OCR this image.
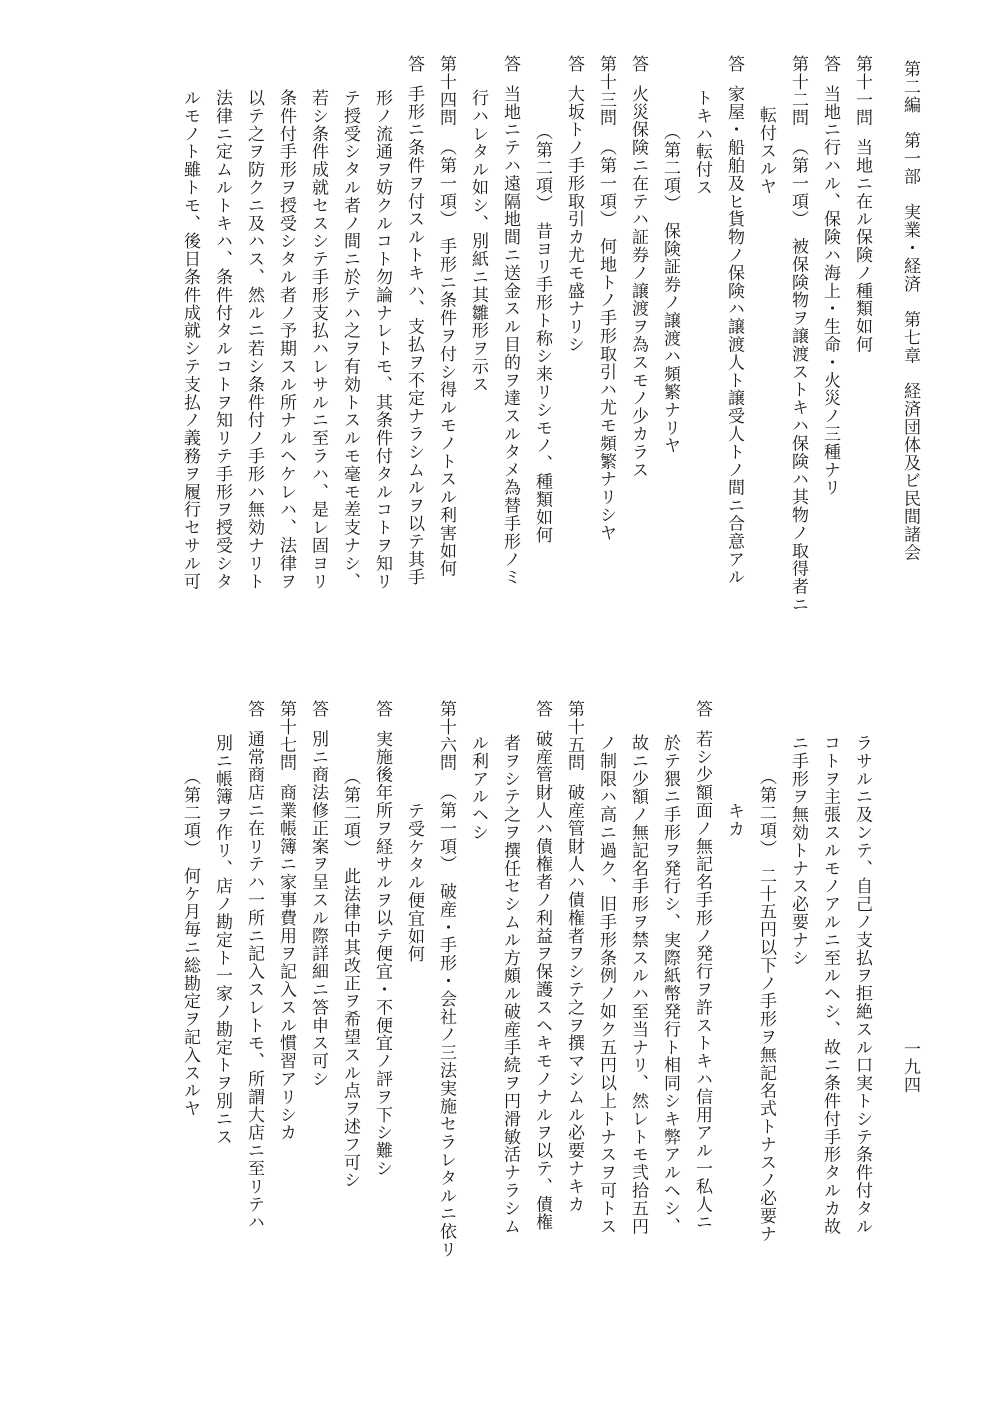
第二編　第一部　実業・経済　第七章　経済団体及ビ民間諸会
一九四
第十一問当地ニ在ル保険ノ種類如何
答当地ニ行ハル、保険ハ海上・生命・火災ノ三種ナリ
第十二問（第一項）　被保険物ヲ譲渡ストキハ保険ハ其物ノ取得者ニ
転付スルヤ
答家屋・船舶及ヒ貨物ノ保険ハ譲渡人ト譲受人トノ間ニ合意アル
トキハ転付ス
（第二項）　保険証券ノ譲渡ハ頻繁ナリヤ
答火災保険ニ在テハ証券ノ譲渡ヲ為スモノ少カラス
第十三問（第一項）　何地トノ手形取引ハ尤モ頻繁ナリシヤ
答大坂トノ手形取引カ尤モ盛ナリシ
（第二項）　昔ヨリ手形ト称シ来リシモノ、種類如何
答当地ニテハ遠隔地間ニ送金スル目的ヲ達スルタメ為替手形ノミ
行ハレタル如シ、別紙ニ其雛形ヲ示ス
第十四問（第一項）　手形ニ条件ヲ付シ得ルモノトスル利害如何
答手形ニ条件ヲ付スルトキハ、支払ヲ不定ナラシムルヲ以テ其手
形ノ流通ヲ妨クルコト勿論ナレトモ、其条件付タルコトヲ知リ
テ授受シタル者ノ間ニ於テハ之ヲ有効トスルモ毫モ差支ナシ、
若シ条件成就セスシテ手形支払ハレサルニ至ラハ、是レ固ヨリ
条件付手形ヲ授受シタル者ノ予期スル所ナルヘケレハ、法律ヲ
以テ之ヲ防クニ及ハス、然ルニ若シ条件付ノ手形ハ無効ナリト
法律ニ定ムルトキハ、条件付タルコトヲ知リテ手形ヲ授受シタ
ルモノト雖トモ、後日条件成就シテ支払ノ義務ヲ履行セサル可
ラサルニ及ンテ、自己ノ支払ヲ拒絶スル口実トシテ条件付タル
コトヲ主張スルモノアルニ至ルヘシ、故ニ条件付手形タルカ故
ニ手形ヲ無効トナス必要ナシ
（第二項）　二十五円以下ノ手形ヲ無記名式トナスノ必要ナ
キカ
答若シ少額面ノ無記名手形ノ発行ヲ許ストキハ信用アル一私人ニ
於テ猥ニ手形ヲ発行シ、実際紙幣発行ト相同シキ弊アルヘシ、
故ニ少額ノ無記名手形ヲ禁スルハ至当ナリ、然レトモ弐拾五円
ノ制限ハ高ニ過ク、旧手形条例ノ如ク五円以上トナスヲ可トス
第十五問破産管財人ハ債権者ヲシテ之ヲ撰マシムル必要ナキカ
答破産管財人ハ債権者ノ利益ヲ保護スヘキモノナルヲ以テ、債権
者ヲシテ之ヲ撰任セシムル方頗ル破産手続ヲ円滑敏活ナラシム
ル利アルヘシ
第十六問（第一項）　破産・手形・会社ノ三法実施セラレタルニ依リ
テ受ケタル便宜如何
答実施後年所ヲ経サルヲ以テ便宜・不便宜ノ評ヲ下シ難シ
（第二項）　此法律中其改正ヲ希望スル点ヲ述フ可シ
答別ニ商法修正案ヲ呈スル際詳細ニ答申ス可シ
第十七問商業帳簿ニ家事費用ヲ記入スル慣習アリシカ
答通常商店ニ在リテハ一所ニ記入スレトモ、所謂大店ニ至リテハ
別ニ帳簿ヲ作リ、店ノ勘定ト一家ノ勘定トヲ別ニス
（第二項）　何ケ月毎ニ総勘定ヲ記入スルヤ
